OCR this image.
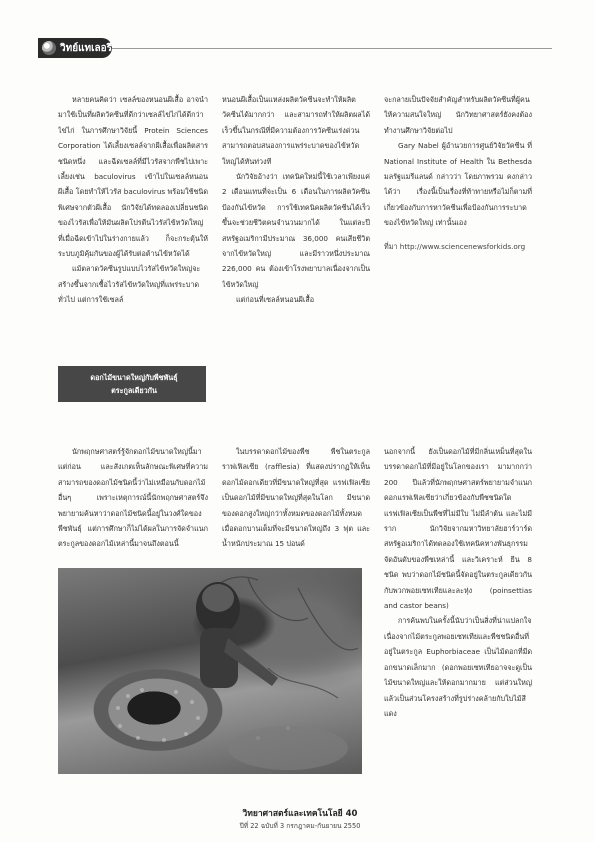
วิทย์แทเลอรี่

หลายคนคิดว่า เซลล์ของหนอนผีเสื้อ อาจนำมาใช้เป็นที่ผลิตวัคซีนที่ดีกว่าเซลล์ไข่ไก่ได้ดีกว่าไข่ไก่ ในการศึกษาวิจัยนี้ Protein Sciences Corporation ได้เลี้ยงเซลล์จากผีเสื้อเพื่อผลิตสารชนิดหนึ่ง และฉีดเซลล์ที่มีไวรัสจากพืชไปเพาะเลี้ยงเช่น baculovirus เข้าไปในเซลล์หนอนผีเสื้อ โดยทำให้ไวรัส baculovirus พร้อมใช้ชนิดพิเศษจากตัวผีเสื้อ นักวิจัยได้ทดลองเปลี่ยนชนิดของไวรัสเพื่อให้มันผลิตโปรตีนไวรัสไข้หวัดใหญ่ ที่เมื่อฉีดเข้าไปในร่างกายแล้ว ก็จะกระตุ้นให้ระบบภูมิคุ้มกันของผู้ได้รับต่อต้านไข้หวัดได้

แม้ตลาดวัคซีนรูปแบบไวรัสไข้หวัดใหญ่จะสร้างขึ้นจากเชื้อไวรัสไข้หวัดใหญ่ที่แพร่ระบาดทั่วไป แต่การใช้เซลล์

หนอนผีเสื้อเป็นแหล่งผลิตวัคซีนจะทำให้ผลิตวัคซีนได้มากกว่า และสามารถทำให้ผลิตผลได้เร็วขึ้นในกรณีที่มีความต้องการวัคซีนเร่งด่วน สามารถตอบสนองการแพร่ระบาดของไข้หวัดใหญ่ได้ทันท่วงที

นักวิจัยอ้างว่า เทคนิคใหม่นี้ใช้เวลาเพียงแค่ 2 เดือนแทนที่จะเป็น 6 เดือนในการผลิตวัคซีนป้องกันไข้หวัด การใช้เทคนิคผลิตวัคซีนได้เร็วขึ้นจะช่วยชีวิตคนจำนวนมากได้ ในแต่ละปี สหรัฐอเมริกามีประมาณ 36,000 คนเสียชีวิตจากไข้หวัดใหญ่ และมีราวหนึ่งประมาณ 226,000 คน ต้องเข้าโรงพยาบาลเนื่องจากเป็นไข้หวัดใหญ่

แต่ก่อนที่เซลล์หนอนผีเสื้อ

จะกลายเป็นปัจจัยสำคัญสำหรับผลิตวัคซีนที่ผู้คนให้ความสนใจใหญ่ นักวิทยาศาสตร์ยังคงต้องทำงานศึกษาวิจัยต่อไป

Gary Nabel ผู้อำนวยการศูนย์วิจัยวัคซีน ที่ National Institute of Health ใน Bethesda มลรัฐแมรีแลนด์ กล่าวว่า โดยภาพรวม คงกล่าวได้ว่า เรื่องนี้เป็นเรื่องที่ท้าทายหรือไม่ก็ตามที่เกี่ยวข้องกับการหาวัคซีนเพื่อป้องกันการระบาดของไข้หวัดใหญ่ เท่านั้นเอง

ที่มา http://www.sciencenewsforkids.org

ดอกไม้ขนาดใหญ่กับพืชพันธุ์
ตระกูลเดียวกัน

นักพฤกษศาสตร์รู้จักดอกไม้ขนาดใหญ่นี้มาแต่ก่อน และสังเกตเห็นลักษณะพิเศษที่ความสามารถของดอกไม้ชนิดนี้ว่าไม่เหมือนกับดอกไม้อื่นๆ เพราะเหตุการณ์นี้นักพฤกษศาสตร์จึงพยายามค้นหาว่าดอกไม้ชนิดนี้อยู่ในวงศ์ใดของพืชพันธุ์ แต่การศึกษาก็ไม่ได้ผลในการจัดจำแนกตระกูลของดอกไม้เหล่านี้มาจนถึงตอนนี้

ในบรรดาดอกไม้ของพืช พืชในตระกูลราฟเฟิลเซีย (rafflesia) ที่แสดงปรากฏให้เห็นดอกไม้ดอกเดียวที่มีขนาดใหญ่ที่สุด แรฟเฟิลเซียเป็นดอกไม้ที่มีขนาดใหญ่ที่สุดในโลก มีขนาดของดอกสูงใหญ่กว่าทั้งหมดของดอกไม้ทั้งหมด เมื่อดอกบานเต็มที่จะมีขนาดใหญ่ถึง 3 ฟุต และน้ำหนักประมาณ 15 ปอนด์

นอกจากนี้ ยังเป็นดอกไม้ที่มีกลิ่นเหม็นที่สุดในบรรดาดอกไม้ที่มีอยู่ในโลกของเรา มามากกว่า 200 ปีแล้วที่นักพฤกษศาสตร์พยายามจำแนกดอกแรฟเฟิลเซียว่าเกี่ยวข้องกับพืชชนิดใด แรฟเฟิลเซียเป็นพืชที่ไม่มีใบ ไม่มีลำต้น และไม่มีราก นักวิจัยจากมหาวิทยาลัยฮาร์วาร์ดสหรัฐอเมริกาได้ทดลองใช้เทคนิคทางพันธุกรรม จัดอันดับของพืชเหล่านี้ และวิเคราะห์ ยีน 8 ชนิด พบว่าดอกไม้ชนิดนี้จัดอยู่ในตระกูลเดียวกันกับพวกพอยเซทเทียและละหุ่ง (poinsettias and castor beans)

การค้นพบในครั้งนี้นับว่าเป็นสิ่งที่น่าแปลกใจ เนื่องจากไม้ตระกูลพอยเซทเทียและพืชชนิดอื่นที่อยู่ในตระกูล Euphorbiaceae เป็นไม้ดอกที่มีดอกขนาดเล็กมาก (ดอกพอยเซทเทียอาจจะดูเป็นไม้ขนาดใหญ่และให้ดอกมากมาย แต่ส่วนใหญ่แล้วเป็นส่วนโครงสร้างที่รูปร่างคล้ายกับใบไม้สีแดง

วิทยาศาสตร์และเทคโนโลยี 40
ปีที่ 22 ฉบับที่ 3 กรกฎาคม-กันยายน 2550
